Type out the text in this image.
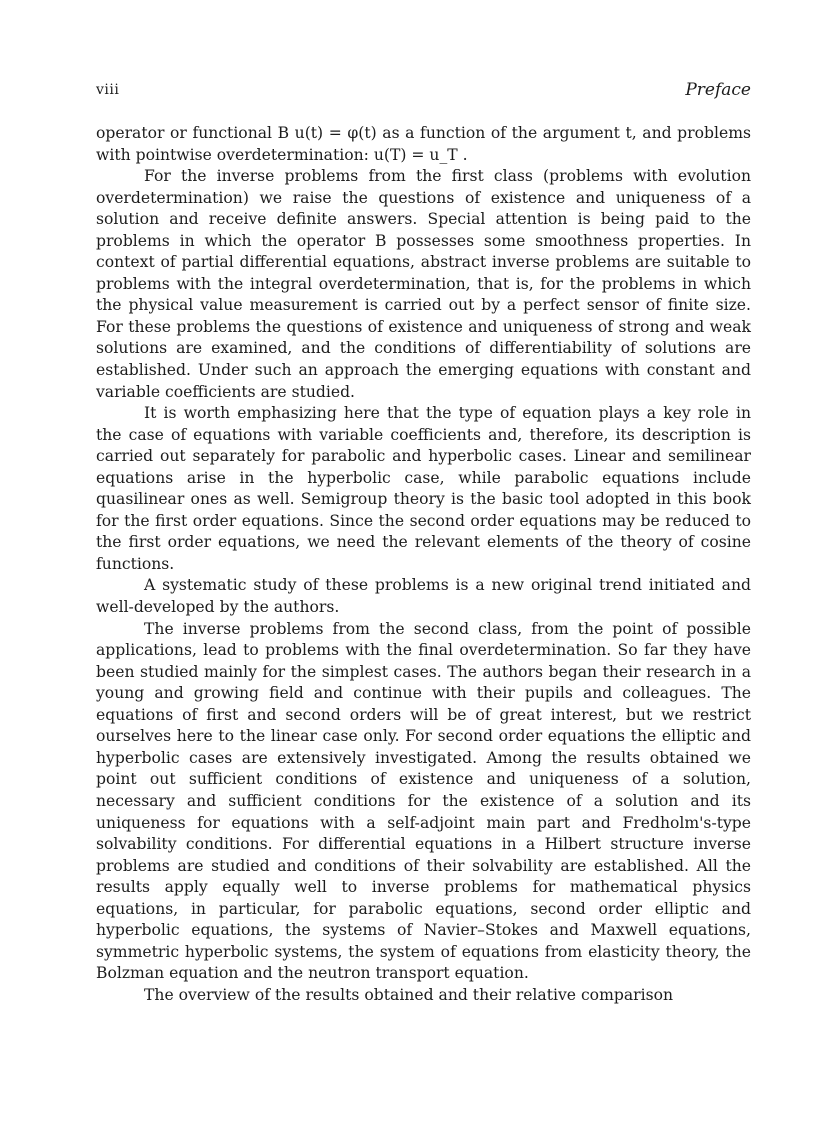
viii	Preface

operator or functional B u(t) = φ(t) as a function of the argument t, and problems with pointwise overdetermination: u(T) = u_T .

For the inverse problems from the first class (problems with evolution overdetermination) we raise the questions of existence and uniqueness of a solution and receive definite answers. Special attention is being paid to the problems in which the operator B possesses some smoothness properties. In context of partial differential equations, abstract inverse problems are suitable to problems with the integral overdetermination, that is, for the problems in which the physical value measurement is carried out by a perfect sensor of finite size. For these problems the questions of existence and uniqueness of strong and weak solutions are examined, and the conditions of differentiability of solutions are established. Under such an approach the emerging equations with constant and variable coefficients are studied.

It is worth emphasizing here that the type of equation plays a key role in the case of equations with variable coefficients and, therefore, its description is carried out separately for parabolic and hyperbolic cases. Linear and semilinear equations arise in the hyperbolic case, while parabolic equations include quasilinear ones as well. Semigroup theory is the basic tool adopted in this book for the first order equations. Since the second order equations may be reduced to the first order equations, we need the relevant elements of the theory of cosine functions.

A systematic study of these problems is a new original trend initiated and well-developed by the authors.

The inverse problems from the second class, from the point of possible applications, lead to problems with the final overdetermination. So far they have been studied mainly for the simplest cases. The authors began their research in a young and growing field and continue with their pupils and colleagues. The equations of first and second orders will be of great interest, but we restrict ourselves here to the linear case only. For second order equations the elliptic and hyperbolic cases are extensively investigated. Among the results obtained we point out sufficient conditions of existence and uniqueness of a solution, necessary and sufficient conditions for the existence of a solution and its uniqueness for equations with a self-adjoint main part and Fredholm's-type solvability conditions. For differential equations in a Hilbert structure inverse problems are studied and conditions of their solvability are established. All the results apply equally well to inverse problems for mathematical physics equations, in particular, for parabolic equations, second order elliptic and hyperbolic equations, the systems of Navier–Stokes and Maxwell equations, symmetric hyperbolic systems, the system of equations from elasticity theory, the Bolzman equation and the neutron transport equation.

The overview of the results obtained and their relative comparison
